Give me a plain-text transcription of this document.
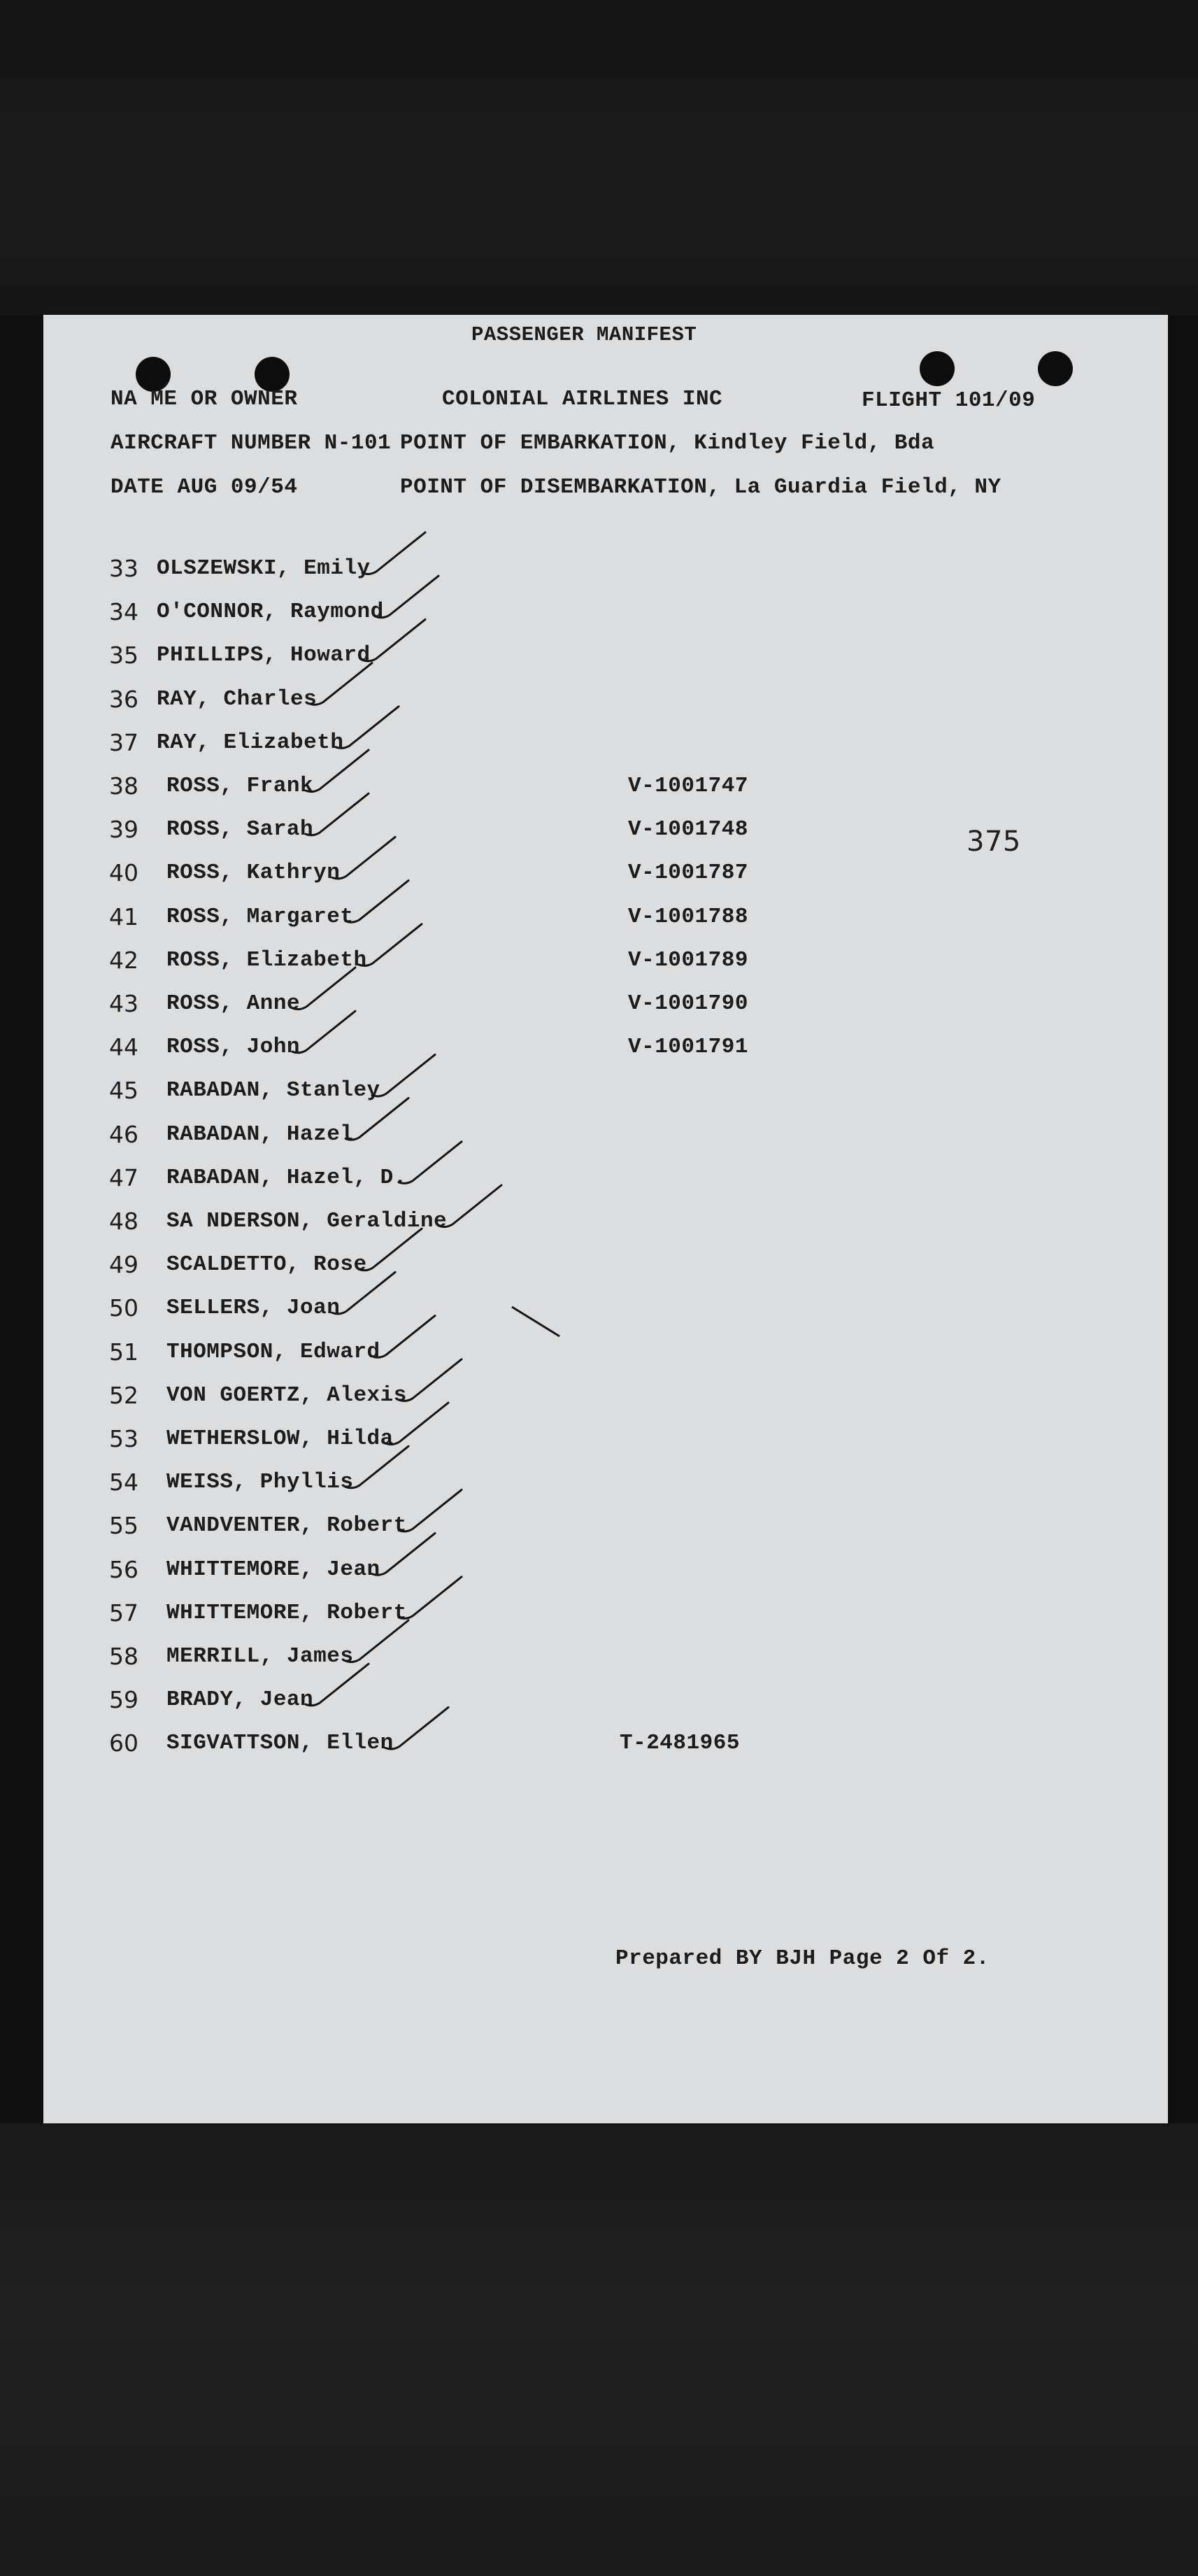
PASSENGER MANIFEST
NA ME OR OWNER	COLONIAL AIRLINES INC	FLIGHT 101/09
AIRCRAFT NUMBER N-101 POINT OF EMBARKATION, Kindley Field, Bda
DATE AUG 09/54	POINT OF DISEMBARKATION, La Guardia Field, NY
375
33 OLSZEWSKI, Emily
34 O'CONNOR, Raymond
35 PHILLIPS, Howard
36 RAY, Charles
37 RAY, Elizabeth
38	ROSS, Frank	V-1001747
39	ROSS, Sarah	V-1001748
40	ROSS, Kathryn	V-1001787
41	ROSS, Margaret	V-1001788
42	ROSS, Elizabeth	V-1001789
43	ROSS, Anne	V-1001790
44	ROSS, John	V-1001791
45	RABADAN, Stanley
46	RABADAN, Hazel
47	RABADAN, Hazel, D.
48	SA NDERSON, Geraldine
49	SCALDETTO, Rose
50	SELLERS, Joan
51	THOMPSON, Edward
52	VON GOERTZ, Alexis
53	WETHERSLOW, Hilda
54	WEISS, Phyllis
55	VANDVENTER, Robert
56	WHITTEMORE, Jean
57	WHITTEMORE, Robert
58	MERRILL, James
59	BRADY, Jean
60	SIGVATTSON, Ellen	T-2481965
Prepared BY BJH Page 2 Of 2.
